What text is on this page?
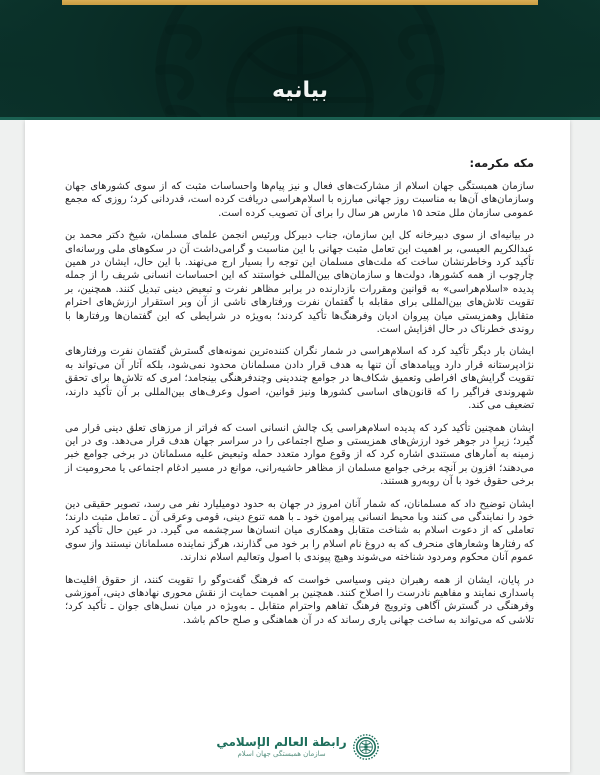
بيانيه

مکه مکرمه:

سازمان همبستگی جهان اسلام از مشارکت‌های فعال و نیز پیام‌ها واحساسات مثبت که از سوی کشورهای جهان وسازمان‌های آن‌ها به مناسبت روز جهانی مبارزه با اسلام‌هراسی دریافت کرده است، قدردانی کرد؛ روزی که مجمع عمومی سازمان ملل متحد ۱۵ مارس هر سال را برای آن تصویب کرده است.

در بیانیه‌ای از سوی دبیرخانه کل این سازمان، جناب دبیرکل ورئیس انجمن علمای مسلمان، شیخ دکتر محمد بن عبدالکریم العیسی، بر اهمیت این تعامل مثبت جهانی با این مناسبت و گرامی‌داشت آن در سکوهای ملی ورسانه‌ای تأکید کرد وخاطرنشان ساخت که ملت‌های مسلمان این توجه را بسیار ارج می‌نهند. با این حال، ایشان در همین چارچوب از همه کشورها، دولت‌ها و سازمان‌های بین‌المللی خواستند که این احساسات انسانی شریف را از جمله پدیده «اسلام‌هراسی» به قوانین ومقررات بازدارنده در برابر مظاهر نفرت و تبعیض دینی تبدیل کنند. همچنین، بر تقویت تلاش‌های بین‌المللی برای مقابله با گفتمان نفرت ورفتارهای ناشی از آن وبر استقرار ارزش‌های احترام متقابل وهمزیستی میان پیروان ادیان وفرهنگ‌ها تأکید کردند؛ به‌ویژه در شرایطی که این گفتمان‌ها ورفتارها با روندی خطرناک در حال افزایش است.

ایشان بار دیگر تأکید کرد که اسلام‌هراسی در شمار نگران کننده‌ترین نمونه‌های گسترش گفتمان نفرت ورفتارهای نژادپرستانه قرار دارد وپیامدهای آن تنها به هدف قرار دادن مسلمانان محدود نمی‌شود، بلکه آثار آن می‌تواند به تقویت گرایش‌های افراطی وتعمیق شکاف‌ها در جوامع چنددینی وچندفرهنگی بینجامد؛ امری که تلاش‌ها برای تحقق شهروندی فراگیر را که قانون‌های اساسی کشورها ونیز قوانین، اصول وعرف‌های بین‌المللی بر آن تأکید دارند، تضعیف می کند.

ایشان همچنین تأکید کرد که پدیده اسلام‌هراسی یک چالش انسانی است که فراتر از مرزهای تعلق دینی قرار می گیرد؛ زیرا در جوهر خود ارزش‌های همزیستی و صلح اجتماعی را در سراسر جهان هدف قرار می‌دهد. وی در این زمینه به آمارهای مستندی اشاره کرد که از وقوع موارد متعدد حمله وتبعیض علیه مسلمانان در برخی جوامع خبر می‌دهند؛ افزون بر آنچه برخی جوامع مسلمان از مظاهر حاشیه‌رانی، موانع در مسیر ادغام اجتماعی یا محرومیت از برخی حقوق خود با آن روبه‌رو هستند.

ایشان توضیح داد که مسلمانان، که شمار آنان امروز در جهان به حدود دومیلیارد نفر می رسد، تصویر حقیقی دین خود را نمایندگی می کنند وبا محیط انسانی پیرامون خود ـ با همه تنوع دینی، قومی وعرقی آن ـ تعامل مثبت دارند؛ تعاملی که از دعوت اسلام به شناخت متقابل وهمکاری میان انسان‌ها سرچشمه می گیرد. در عین حال تأکید کرد که رفتارها وشعارهای منحرف که به دروغ نام اسلام را بر خود می گذارند، هرگز نماینده مسلمانان نیستند واز سوی عموم آنان محکوم ومردود شناخته می‌شوند وهیچ پیوندی با اصول وتعالیم اسلام ندارند.

در پایان، ایشان از همه رهبران دینی وسیاسی خواست که فرهنگ گفت‌وگو را تقویت کنند، از حقوق اقلیت‌ها پاسداری نمایند و مفاهیم نادرست را اصلاح کنند. همچنین بر اهمیت حمایت از نقش محوری نهادهای دینی، آموزشی وفرهنگی در گسترش آگاهی وترویج فرهنگ تفاهم واحترام متقابل ـ به‌ویژه در میان نسل‌های جوان ـ تأکید کرد؛ تلاشی که می‌تواند به ساخت جهانی یاری رساند که در آن هماهنگی و صلح حاکم باشد.

رابطة العالم الإسلامي
سازمان همبستگی جهان اسلام
